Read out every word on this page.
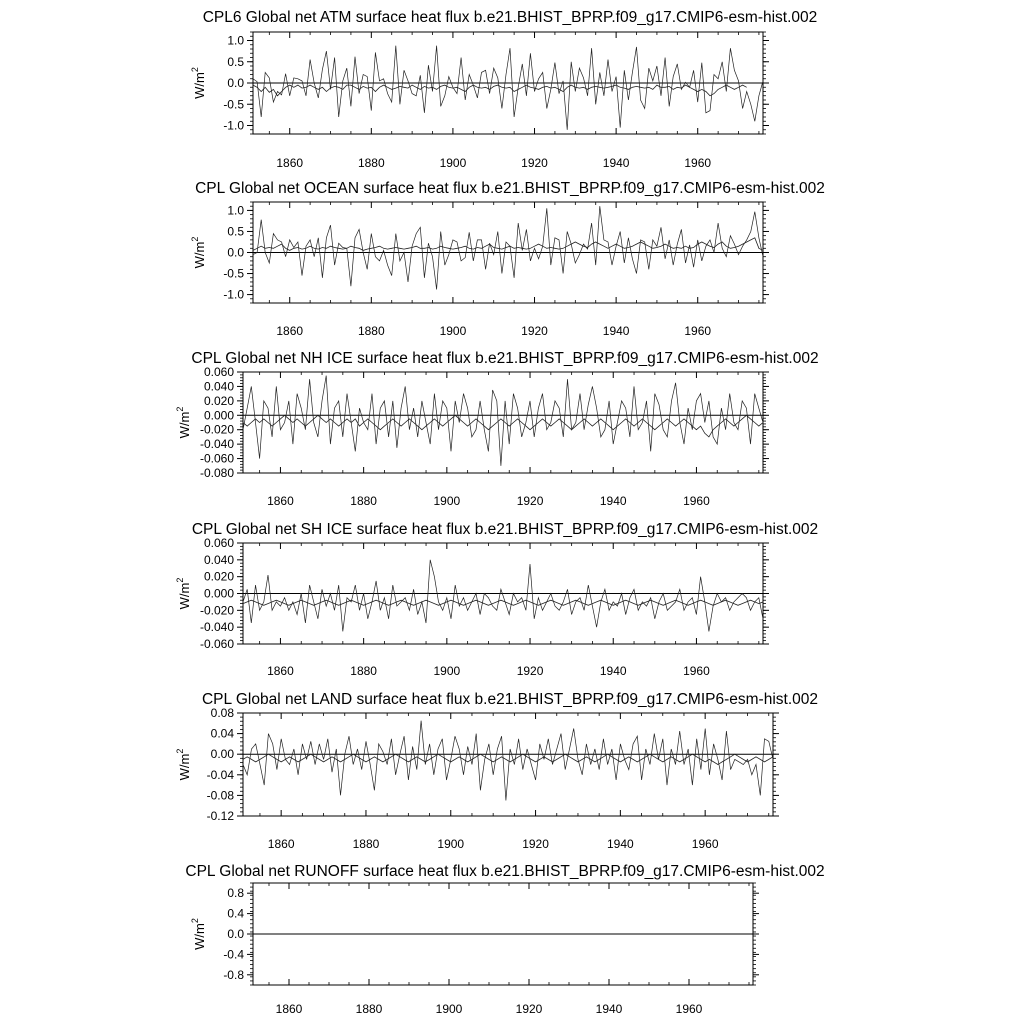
CPL6 Global net ATM surface heat flux b.e21.BHIST_BPRP.f09_g17.CMIP6-esm-hist.002
1860	1880	1900	1920	1940	1960
-1.0
-0.5
0.0
0.5
1.0
$W/m^2$
CPL Global net OCEAN surface heat flux b.e21.BHIST_BPRP.f09_g17.CMIP6-esm-hist.002
1860	1880	1900	1920	1940	1960
-1.0
-0.5
0.0
0.5
1.0
$W/m^2$
CPL Global net NH ICE surface heat flux b.e21.BHIST_BPRP.f09_g17.CMIP6-esm-hist.002
1860	1880	1900	1920	1940	1960
-0.080
-0.060
-0.040
-0.020
0.000
0.020
0.040
0.060
$W/m^2$
CPL Global net SH ICE surface heat flux b.e21.BHIST_BPRP.f09_g17.CMIP6-esm-hist.002
1860	1880	1900	1920	1940	1960
-0.060
-0.040
-0.020
0.000
0.020
0.040
0.060
$W/m^2$
CPL Global net LAND surface heat flux b.e21.BHIST_BPRP.f09_g17.CMIP6-esm-hist.002
1860	1880	1900	1920	1940	1960
-0.12
-0.08
-0.04
0.00
0.04
0.08
$W/m^2$
CPL Global net RUNOFF surface heat flux b.e21.BHIST_BPRP.f09_g17.CMIP6-esm-hist.002
1860	1880	1900	1920	1940	1960
-0.8
-0.4
0.0
0.4
0.8
$W/m^2$
